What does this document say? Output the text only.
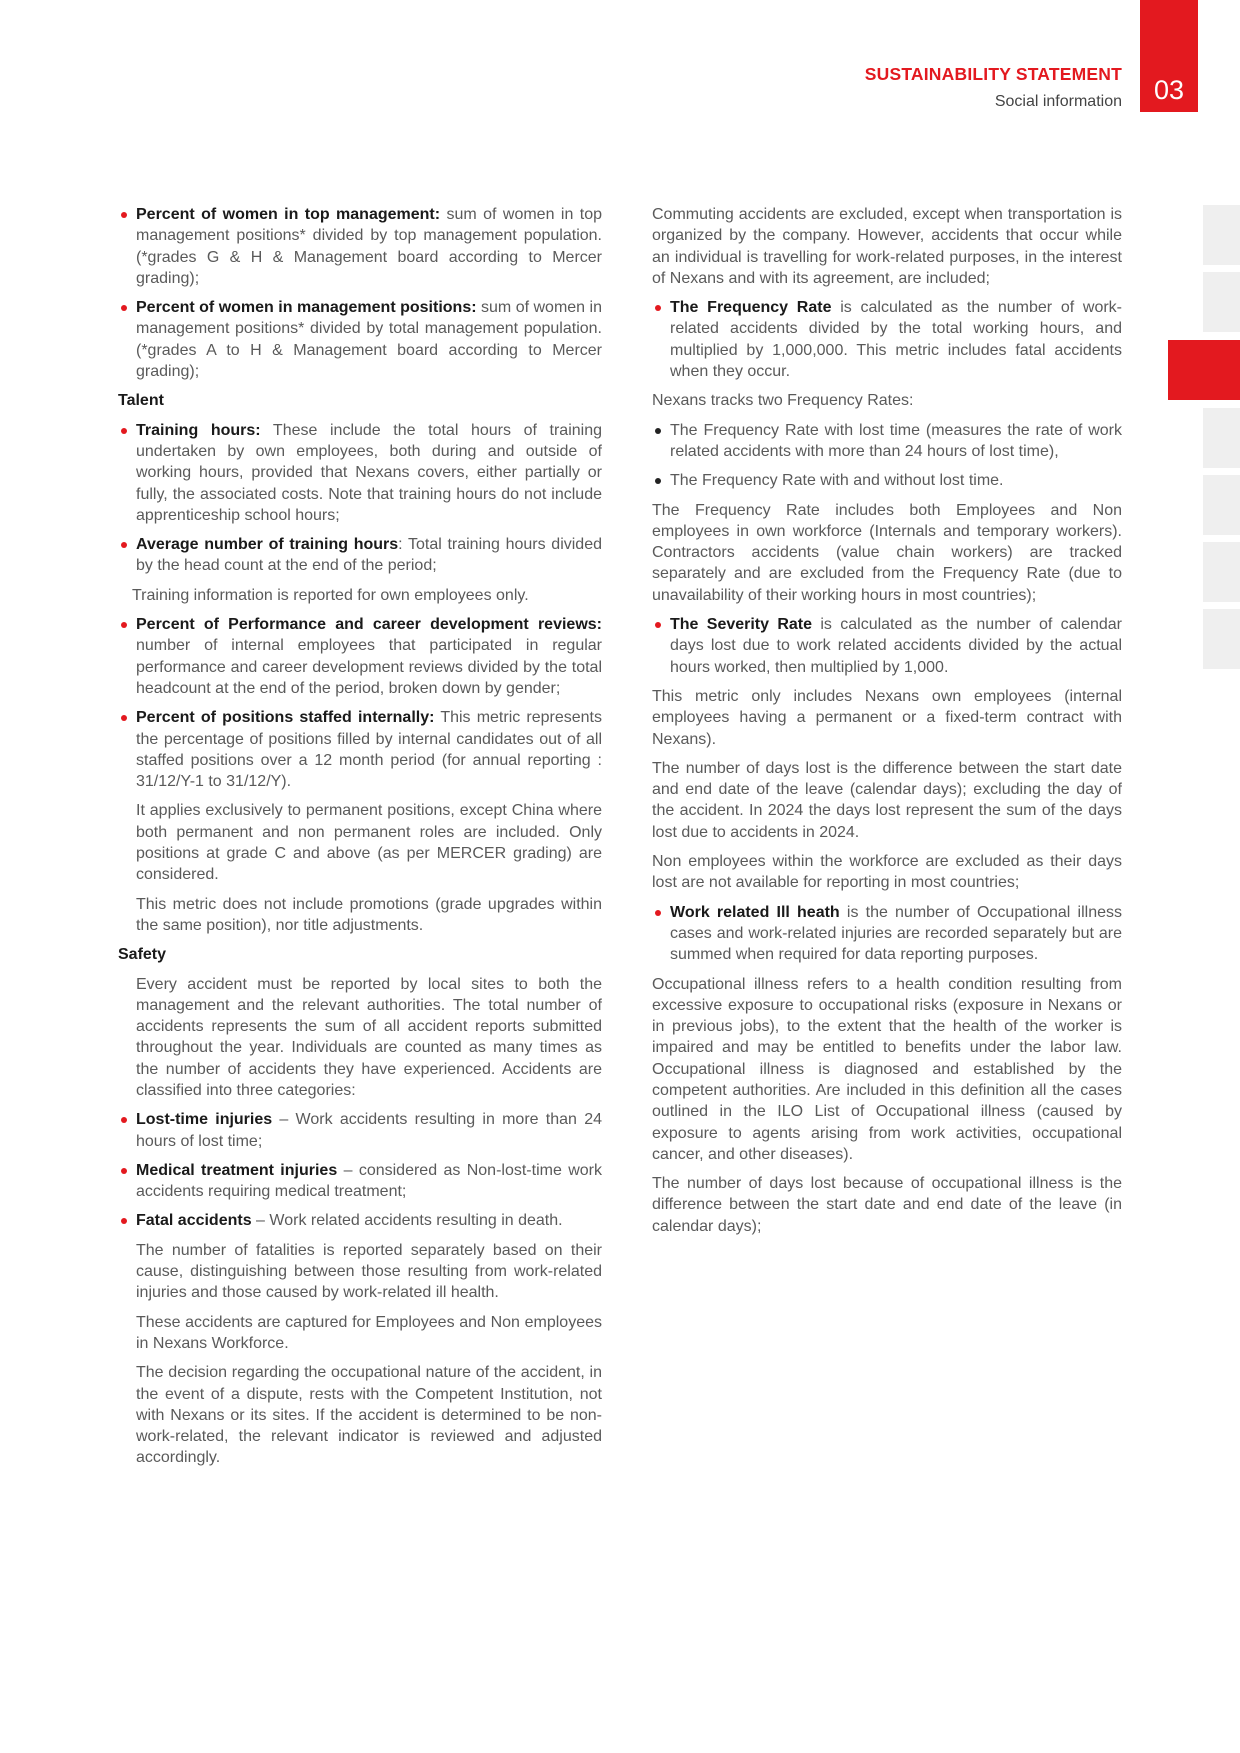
SUSTAINABILITY STATEMENT
Social information	03

Percent of women in top management: sum of women in top management positions* divided by top management population. (*grades G & H & Management board according to Mercer grading);

Percent of women in management positions: sum of women in management positions* divided by total management population. (*grades A to H & Management board according to Mercer grading);

Talent

Training hours: These include the total hours of training undertaken by own employees, both during and outside of working hours, provided that Nexans covers, either partially or fully, the associated costs. Note that training hours do not include apprenticeship school hours;

Average number of training hours: Total training hours divided by the head count at the end of the period;

Training information is reported for own employees only.

Percent of Performance and career development reviews: number of internal employees that participated in regular performance and career development reviews divided by the total headcount at the end of the period, broken down by gender;

Percent of positions staffed internally: This metric represents the percentage of positions filled by internal candidates out of all staffed positions over a 12 month period (for annual reporting : 31/12/Y-1 to 31/12/Y).

It applies exclusively to permanent positions, except China where both permanent and non permanent roles are included. Only positions at grade C and above (as per MERCER grading) are considered.

This metric does not include promotions (grade upgrades within the same position), nor title adjustments.

Safety

Every accident must be reported by local sites to both the management and the relevant authorities. The total number of accidents represents the sum of all accident reports submitted throughout the year. Individuals are counted as many times as the number of accidents they have experienced. Accidents are classified into three categories:

Lost-time injuries – Work accidents resulting in more than 24 hours of lost time;

Medical treatment injuries – considered as Non-lost-time work accidents requiring medical treatment;

Fatal accidents – Work related accidents resulting in death.

The number of fatalities is reported separately based on their cause, distinguishing between those resulting from work-related injuries and those caused by work-related ill health.

These accidents are captured for Employees and Non employees in Nexans Workforce.

The decision regarding the occupational nature of the accident, in the event of a dispute, rests with the Competent Institution, not with Nexans or its sites. If the accident is determined to be non-work-related, the relevant indicator is reviewed and adjusted accordingly.

Commuting accidents are excluded, except when transportation is organized by the company. However, accidents that occur while an individual is travelling for work-related purposes, in the interest of Nexans and with its agreement, are included;

The Frequency Rate is calculated as the number of work-related accidents divided by the total working hours, and multiplied by 1,000,000. This metric includes fatal accidents when they occur.

Nexans tracks two Frequency Rates:

The Frequency Rate with lost time (measures the rate of work related accidents with more than 24 hours of lost time),

The Frequency Rate with and without lost time.

The Frequency Rate includes both Employees and Non employees in own workforce (Internals and temporary workers). Contractors accidents (value chain workers) are tracked separately and are excluded from the Frequency Rate (due to unavailability of their working hours in most countries);

The Severity Rate is calculated as the number of calendar days lost due to work related accidents divided by the actual hours worked, then multiplied by 1,000.

This metric only includes Nexans own employees (internal employees having a permanent or a fixed-term contract with Nexans).

The number of days lost is the difference between the start date and end date of the leave (calendar days); excluding the day of the accident. In 2024 the days lost represent the sum of the days lost due to accidents in 2024.

Non employees within the workforce are excluded as their days lost are not available for reporting in most countries;

Work related Ill heath is the number of Occupational illness cases and work-related injuries are recorded separately but are summed when required for data reporting purposes.

Occupational illness refers to a health condition resulting from excessive exposure to occupational risks (exposure in Nexans or in previous jobs), to the extent that the health of the worker is impaired and may be entitled to benefits under the labor law. Occupational illness is diagnosed and established by the competent authorities. Are included in this definition all the cases outlined in the ILO List of Occupational illness (caused by exposure to agents arising from work activities, occupational cancer, and other diseases).

The number of days lost because of occupational illness is the difference between the start date and end date of the leave (in calendar days);
